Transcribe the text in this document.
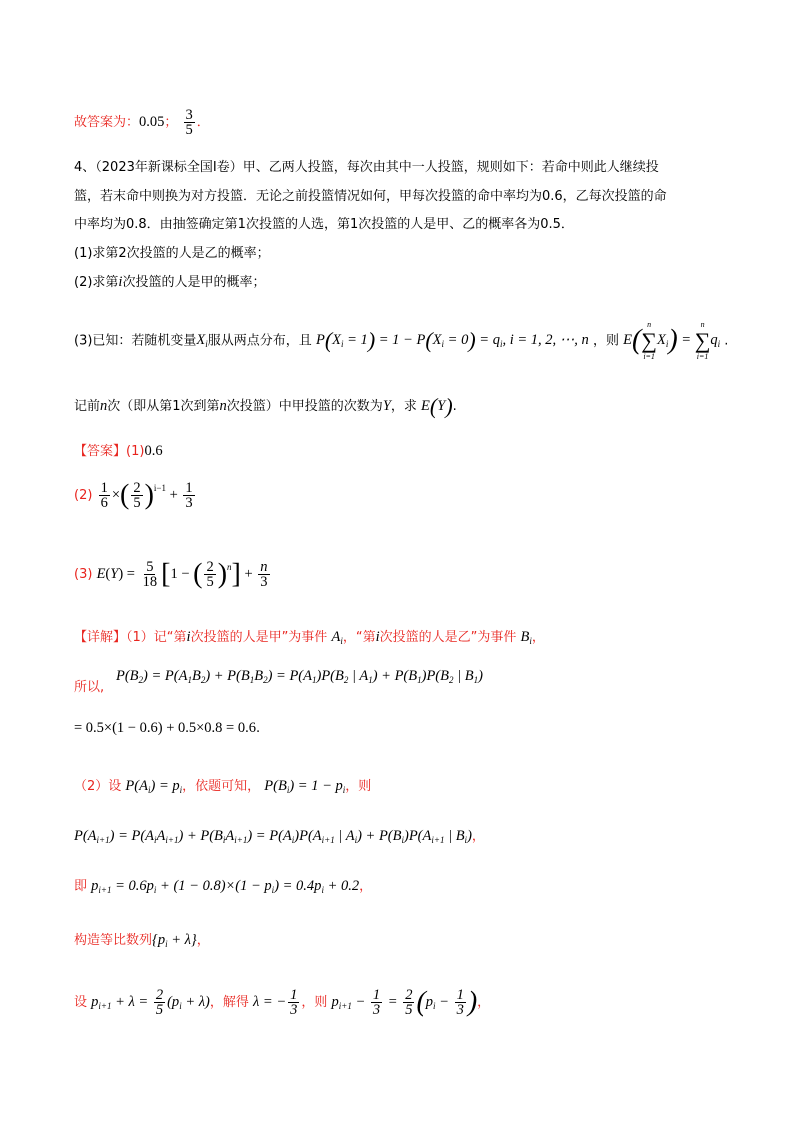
故答案为：0.05； $\frac{3}{5}$ ．
4、（2023年新课标全国Ⅰ卷）甲、乙两人投篮，每次由其中一人投篮，规则如下：若命中则此人继续投
篮，若末命中则换为对方投篮．无论之前投篮情况如何，甲每次投篮的命中率均为0.6，乙每次投篮的命
中率均为0.8．由抽签确定第1次投篮的人选，第1次投篮的人是甲、乙的概率各为0.5．
(1)求第2次投篮的人是乙的概率；
(2)求第i次投篮的人是甲的概率；
(3)已知：若随机变量$X_i$服从两点分布，且 $P(X_i = 1) = 1 - P(X_i = 0) = q_i$, i = 1, 2, ⋯, n ，则 E(
n
∑
i=1
$X_i$) =
n
∑
i=1
$q_i$ .
记前n次（即从第1次到第n次投篮）中甲投篮的次数为Y，求 E(Y).
【答案】(1)0.6
$(2) \frac{1}{6}$ ×( $\frac{2}{5} )^{i-1} + \frac{1}{3}$
(3) $E(Y) = \frac{5}{18} [1$ − ( $\frac{2}{5} )^n] + \frac{n}{3}$
【详解】（1）记“第i次投篮的人是甲”为事件 $A_i$，“第i次投篮的人是乙”为事件 $B_i$，
$P(B_2) = P(A_1B_2) + P(B_1B_2) = P(A_1)P(B_2$ | $A_1) + P(B_1)P(B_2$ | $B_1$)
所以,
= 0.5×(1 − 0.6) + 0.5×0.8 = 0.6.
（2）设 $P(A_i) = p_i$，依题可知， $P(B_i) = 1 - p_i$，则
$P(A_{i+1}) = P(A_iA_{i+1}) + P(B_iA_{i+1}) = P(A_i)P(A_{i+1}$ | $A_i) + P(B_i)P(A_{i+1}$ | $B_i$)，
即 $p_{i+1} = 0.6p_i + (1 - 0.8)\times(1 - p_i) = 0.4p_i + 0.2$，
构造等比数列$\{p_i + \lambda\}$，
设 $p_{i+1} + \lambda = \frac{2}{5} (p_i + \lambda)$，解得 λ = − $\frac{1}{3}$ ，则 $p_{i+1} - \frac{1}{3} = \frac{2}{5} (p_i - \frac{1}{3}$ )，
